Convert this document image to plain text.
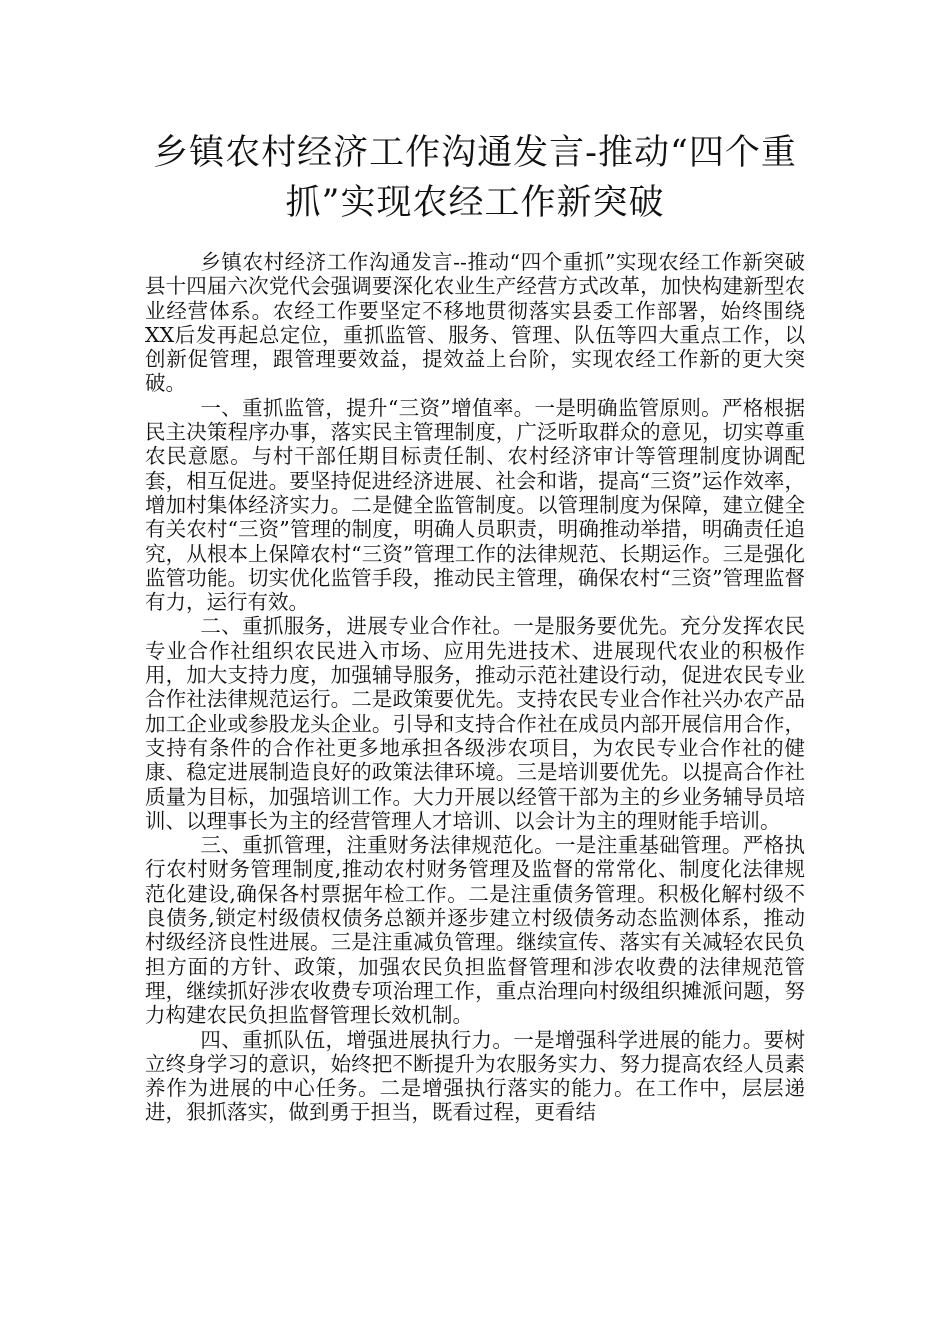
乡镇农村经济工作沟通发言-推动“四个重抓”实现农经工作新突破

乡镇农村经济工作沟通发言--推动“四个重抓”实现农经工作新突破　县十四届六次党代会强调要深化农业生产经营方式改革，加快构建新型农业经营体系。农经工作要坚定不移地贯彻落实县委工作部署，始终围绕XX后发再起总定位，重抓监管、服务、管理、队伍等四大重点工作，以创新促管理，跟管理要效益，提效益上台阶，实现农经工作新的更大突破。

一、重抓监管，提升“三资”增值率。一是明确监管原则。严格根据民主决策程序办事，落实民主管理制度，广泛听取群众的意见，切实尊重农民意愿。与村干部任期目标责任制、农村经济审计等管理制度协调配套，相互促进。要坚持促进经济进展、社会和谐，提高“三资”运作效率，增加村集体经济实力。二是健全监管制度。以管理制度为保障，建立健全有关农村“三资”管理的制度，明确人员职责，明确推动举措，明确责任追究，从根本上保障农村“三资”管理工作的法律规范、长期运作。三是强化监管功能。切实优化监管手段，推动民主管理，确保农村“三资”管理监督有力，运行有效。

二、重抓服务，进展专业合作社。一是服务要优先。充分发挥农民专业合作社组织农民进入市场、应用先进技术、进展现代农业的积极作用，加大支持力度，加强辅导服务，推动示范社建设行动，促进农民专业合作社法律规范运行。二是政策要优先。支持农民专业合作社兴办农产品加工企业或参股龙头企业。引导和支持合作社在成员内部开展信用合作，支持有条件的合作社更多地承担各级涉农项目，为农民专业合作社的健康、稳定进展制造良好的政策法律环境。三是培训要优先。以提高合作社质量为目标，加强培训工作。大力开展以经管干部为主的乡业务辅导员培训、以理事长为主的经营管理人才培训、以会计为主的理财能手培训。

三、重抓管理，注重财务法律规范化。一是注重基础管理。严格执行农村财务管理制度,推动农村财务管理及监督的常常化、制度化法律规范化建设,确保各村票据年检工作。二是注重债务管理。积极化解村级不良债务,锁定村级债权债务总额并逐步建立村级债务动态监测体系，推动村级经济良性进展。三是注重减负管理。继续宣传、落实有关减轻农民负担方面的方针、政策，加强农民负担监督管理和涉农收费的法律规范管理，继续抓好涉农收费专项治理工作，重点治理向村级组织摊派问题，努力构建农民负担监督管理长效机制。

四、重抓队伍，增强进展执行力。一是增强科学进展的能力。要树立终身学习的意识，始终把不断提升为农服务实力、努力提高农经人员素养作为进展的中心任务。二是增强执行落实的能力。在工作中，层层递进，狠抓落实，做到勇于担当，既看过程，更看结
